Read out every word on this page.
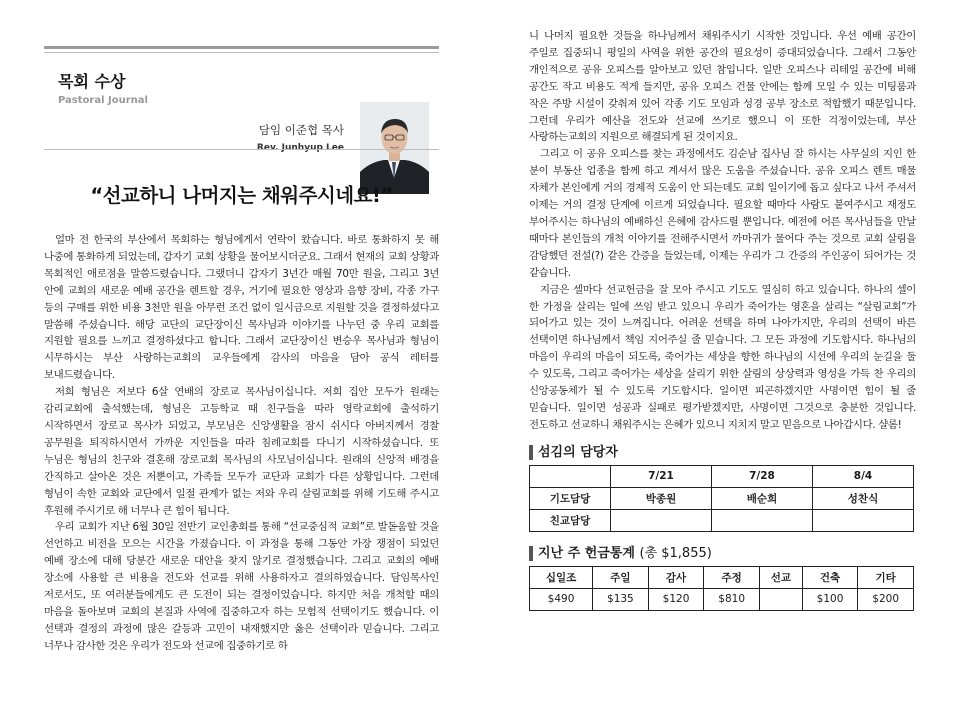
목회 수상
Pastoral Journal
담임 이준협 목사
Rev. Junhyup Lee
“선교하니 나머지는 채워주시네요!”

얼마 전 한국의 부산에서 목회하는 형님에게서 연락이 왔습니다. 바로 통화하지 못 해 나중에 통화하게 되었는데, 갑자기 교회 상황을 물어보시더군요. 그래서 현재의 교회 상황과 목회적인 애로점을 말씀드렸습니다. 그랬더니 갑자기 3년간 매월 70만 원을, 그리고 3년 안에 교회의 새로운 예배 공간을 렌트할 경우, 거기에 필요한 영상과 음향 장비, 각종 가구 등의 구매를 위한 비용 3천만 원을 아무런 조건 없이 일시금으로 지원할 것을 결정하셨다고 말씀해 주셨습니다. 해당 교단의 교단장이신 목사님과 이야기를 나누던 중 우리 교회를 지원할 필요를 느끼고 결정하셨다고 합니다. 그래서 교단장이신 변승우 목사님과 형님이 시무하시는 부산 사랑하는교회의 교우들에게 감사의 마음을 담아 공식 레터를 보내드렸습니다.

저희 형님은 저보다 6살 연배의 장로교 목사님이십니다. 저희 집안 모두가 원래는 감리교회에 출석했는데, 형님은 고등학교 때 친구들을 따라 영락교회에 출석하기 시작하면서 장로교 목사가 되었고, 부모님은 신앙생활을 잠시 쉬시다 아버지께서 경찰 공무원을 퇴직하시면서 가까운 지인들을 따라 침례교회를 다니기 시작하셨습니다. 또 누님은 형님의 친구와 결혼해 장로교회 목사님의 사모님이십니다. 원래의 신앙적 배경을 간직하고 살아온 것은 저뿐이고, 가족들 모두가 교단과 교회가 다른 상황입니다. 그런데 형님이 속한 교회와 교단에서 일절 관계가 없는 저와 우리 살림교회를 위해 기도해 주시고 후원해 주시기로 해 너무나 큰 힘이 됩니다.

우리 교회가 지난 6월 30일 전반기 교인총회를 통해 “선교중심적 교회”로 발돋움할 것을 선언하고 비전을 모으는 시간을 가졌습니다. 이 과정을 통해 그동안 가장 쟁점이 되었던 예배 장소에 대해 당분간 새로운 대안을 찾지 않기로 결정했습니다. 그리고 교회의 예배 장소에 사용할 큰 비용을 전도와 선교를 위해 사용하자고 결의하였습니다. 담임목사인 저로서도, 또 여러분들에게도 큰 도전이 되는 결정이었습니다. 하지만 처음 개척할 때의 마음을 돌아보며 교회의 본질과 사역에 집중하고자 하는 모험적 선택이기도 했습니다. 이 선택과 결정의 과정에 많은 갈등과 고민이 내재했지만 옳은 선택이라 믿습니다. 그리고 너무나 감사한 것은 우리가 전도와 선교에 집중하기로 하

니 나머지 필요한 것들을 하나님께서 채워주시기 시작한 것입니다. 우선 예배 공간이 주일로 집중되니 평일의 사역을 위한 공간의 필요성이 증대되었습니다. 그래서 그동안 개인적으로 공유 오피스를 알아보고 있던 참입니다. 일반 오피스나 리테일 공간에 비해 공간도 작고 비용도 적게 들지만, 공유 오피스 건물 안에는 함께 모일 수 있는 미팅룸과 작은 주방 시설이 갖춰져 있어 각종 기도 모임과 성경 공부 장소로 적합했기 때문입니다. 그런데 우리가 예산을 전도와 선교에 쓰기로 했으니 이 또한 걱정이었는데, 부산 사랑하는교회의 지원으로 해결되게 된 것이지요.

그리고 이 공유 오피스를 찾는 과정에서도 김순남 집사님 잘 하시는 사무실의 지인 한 분이 부동산 업종을 함께 하고 계셔서 많은 도움을 주셨습니다. 공유 오피스 렌트 매물 자체가 본인에게 거의 경제적 도움이 안 되는데도 교회 일이기에 돕고 싶다고 나서 주셔서 이제는 거의 결정 단계에 이르게 되었습니다. 필요할 때마다 사람도 붙여주시고 재정도 부어주시는 하나님의 예배하신 은혜에 감사드릴 뿐입니다. 예전에 어른 목사님들을 만날 때마다 본인들의 개척 이야기를 전해주시면서 까마귀가 물어다 주는 것으로 교회 살림을 감당했던 전설(?) 같은 간증을 들었는데, 이제는 우리가 그 간증의 주인공이 되어가는 것 같습니다.

지금은 셀마다 선교헌금을 잘 모아 주시고 기도도 열심히 하고 있습니다. 하나의 셀이 한 가정을 살리는 일에 쓰임 받고 있으니 우리가 죽어가는 영혼을 살리는 “살림교회”가 되어가고 있는 것이 느껴집니다. 어려운 선택을 하며 나아가지만, 우리의 선택이 바른 선택이면 하나님께서 책임 지어주실 줄 믿습니다. 그 모든 과정에 기도합시다. 하나님의 마음이 우리의 마음이 되도록, 죽어가는 세상을 향한 하나님의 시선에 우리의 눈길을 둘 수 있도록, 그리고 죽어가는 세상을 살리기 위한 살림의 상상력과 영성을 가득 찬 우리의 신앙공동체가 될 수 있도록 기도합시다. 일이면 피곤하겠지만 사명이면 힘이 될 줄 믿습니다. 일이면 성공과 실패로 평가받겠지만, 사명이면 그것으로 충분한 것입니다. 전도하고 선교하니 채워주시는 은혜가 있으니 지치지 말고 믿음으로 나아갑시다. 샬롬!

섬김의 담당자
	7/21	7/28	8/4
기도담당	박종원	배순희	성찬식
친교담당			
지난 주 헌금통계 (총 $1,855)
십일조	주일	감사	주정	선교	건축	기타
$490	$135	$120	$810		$100	$200
